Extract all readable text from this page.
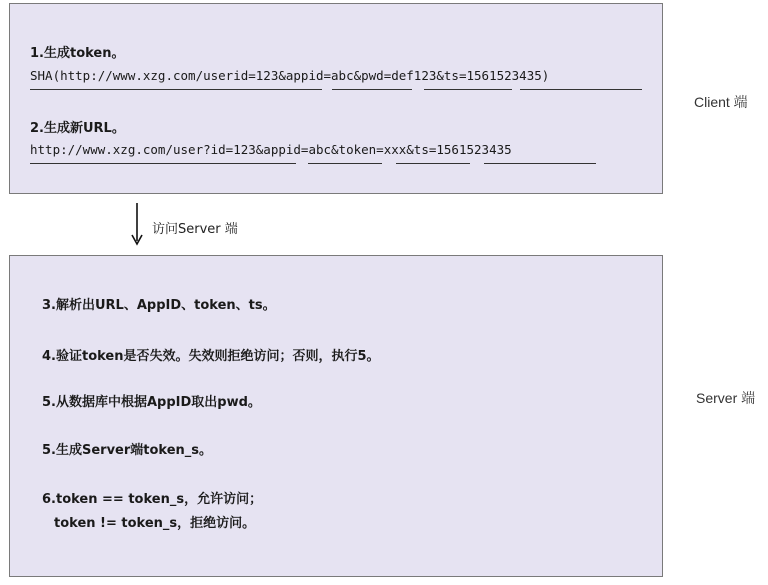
1.生成token。
SHA(http://www.xzg.com/userid=123&appid=abc&pwd=def123&ts=1561523435)
2.生成新URL。
http://www.xzg.com/user?id=123&appid=abc&token=xxx&ts=1561523435
Client 端
访问Server 端
3.解析出URL、AppID、token、ts。
4.验证token是否失效。失效则拒绝访问；否则，执行5。
5.从数据库中根据AppID取出pwd。
5.生成Server端token_s。
6.token == token_s，允许访问；
token != token_s，拒绝访问。
Server 端
